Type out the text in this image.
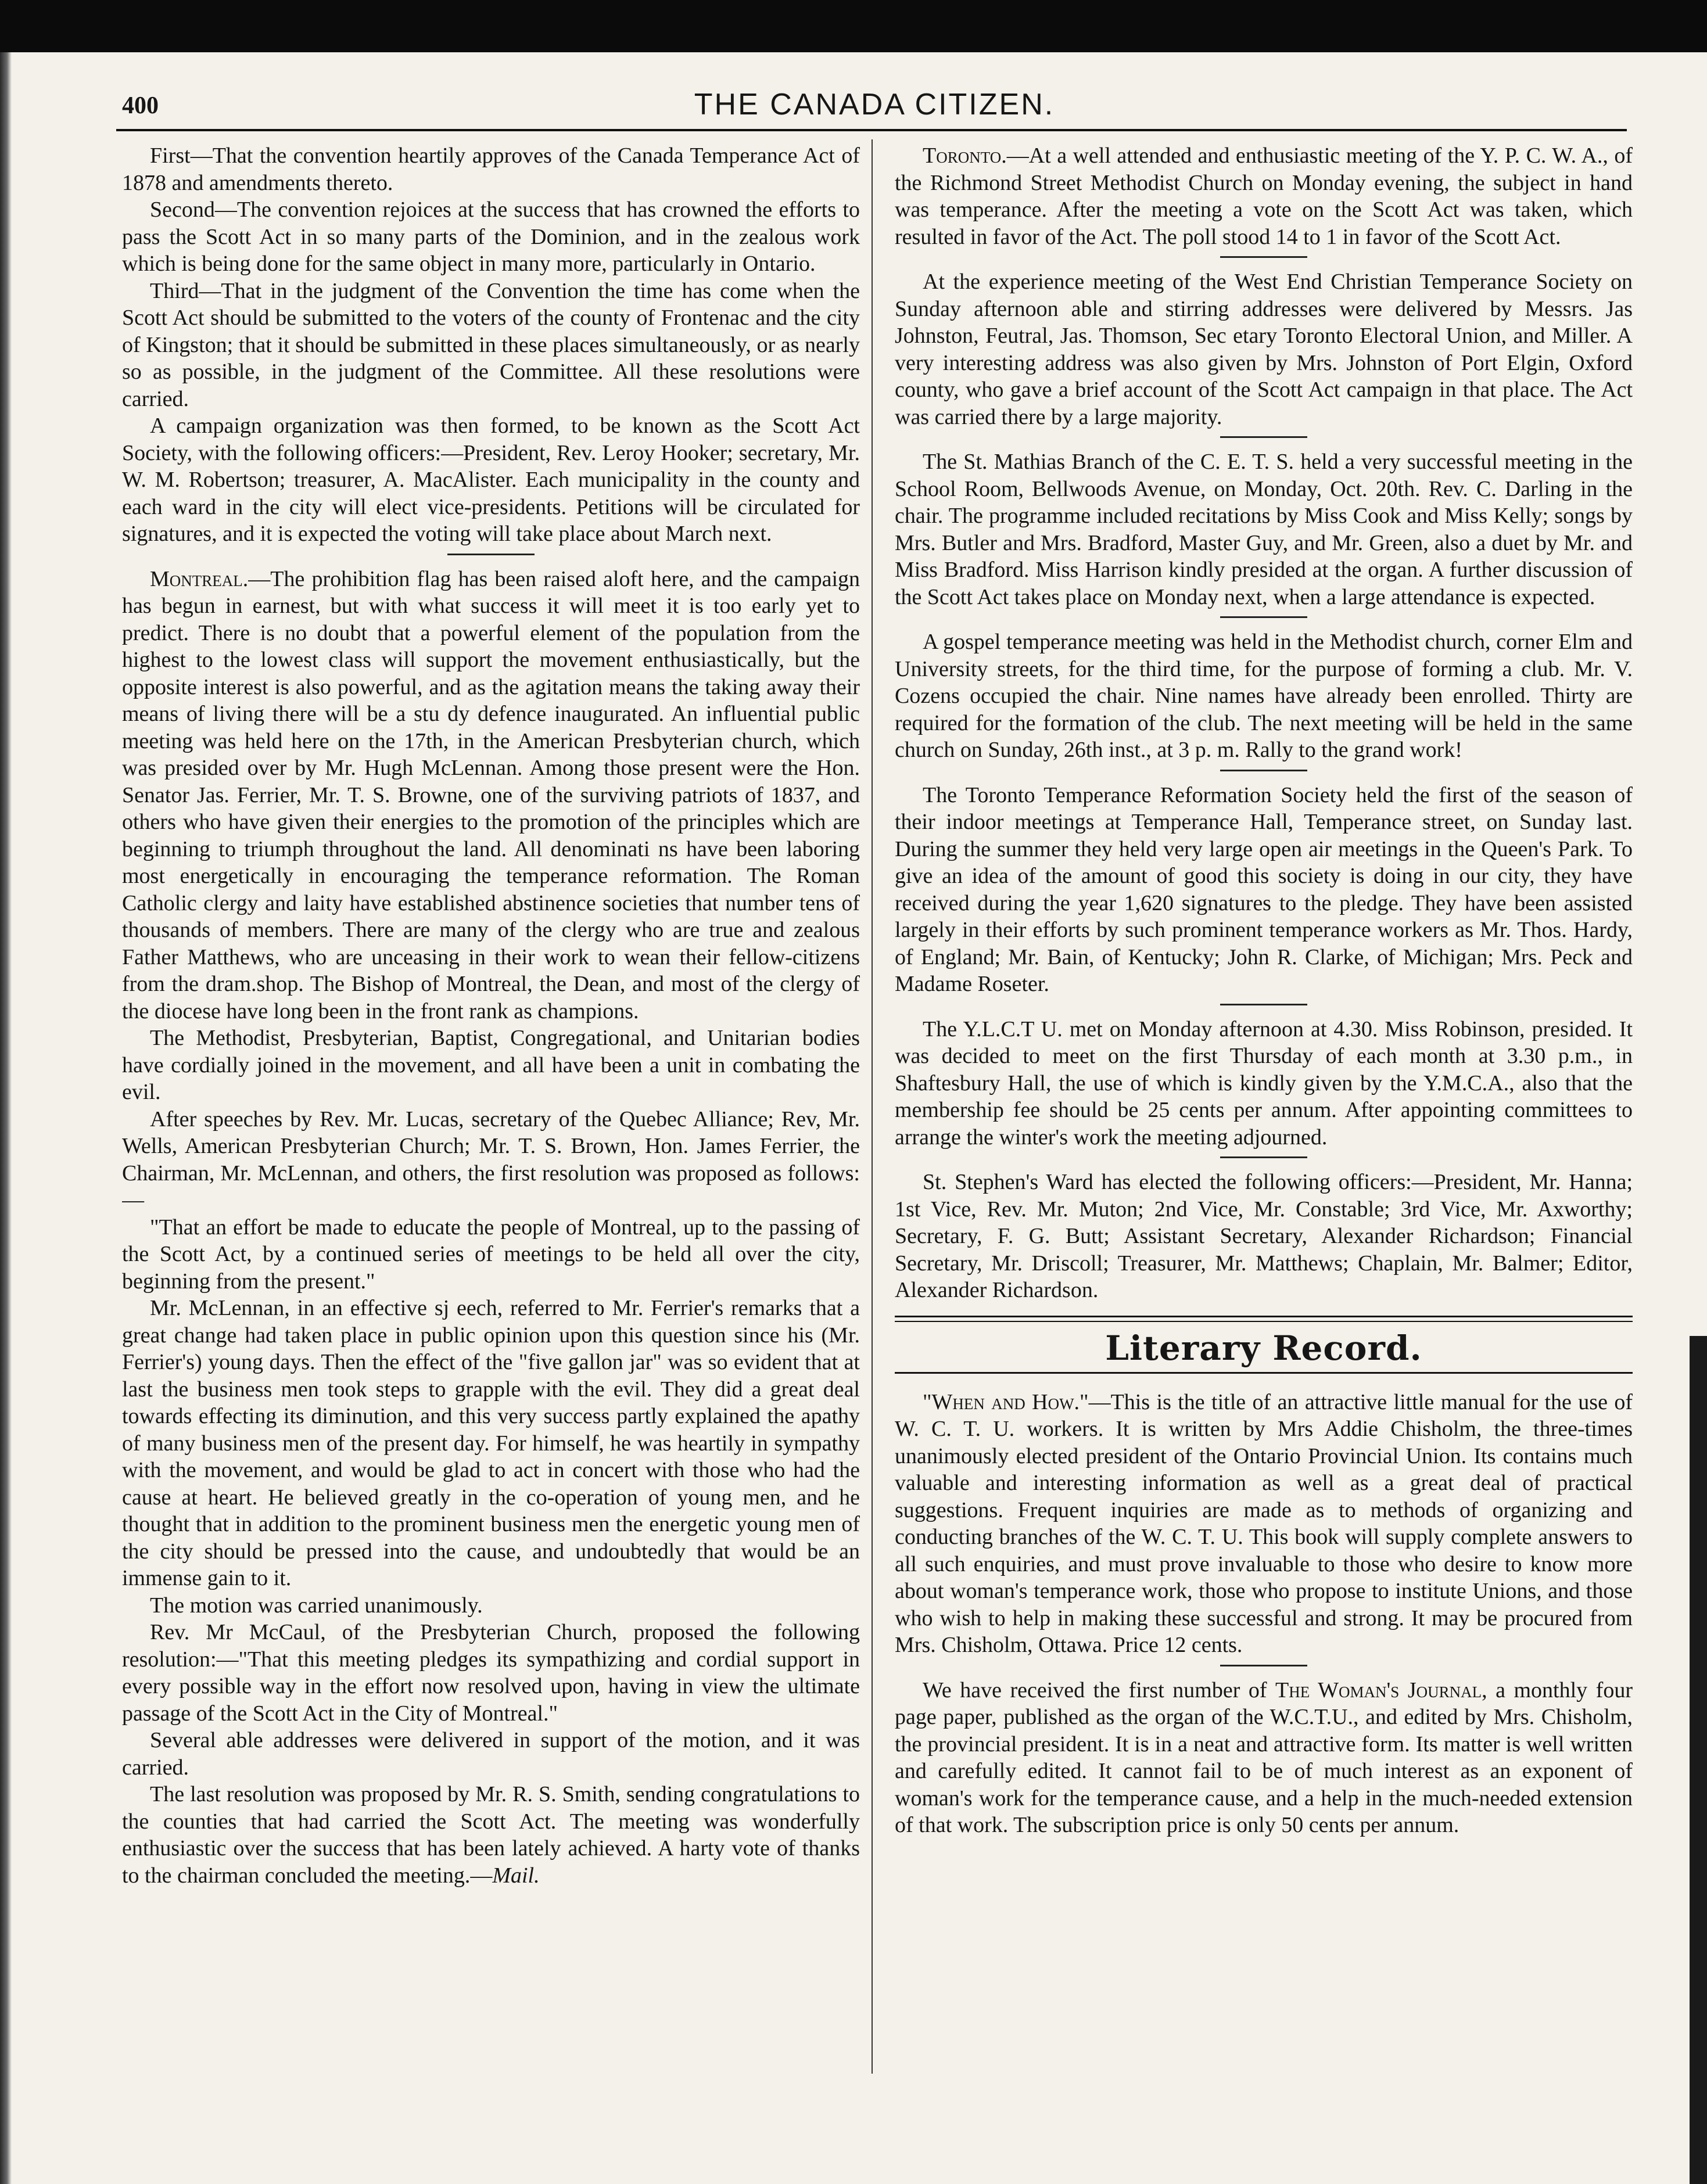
400	THE CANADA CITIZEN.

First—That the convention heartily approves of the Canada Temperance Act of 1878 and amendments thereto.

Second—The convention rejoices at the success that has crowned the efforts to pass the Scott Act in so many parts of the Dominion, and in the zealous work which is being done for the same object in many more, particularly in Ontario.

Third—That in the judgment of the Convention the time has come when the Scott Act should be submitted to the voters of the county of Frontenac and the city of Kingston; that it should be submitted in these places simultaneously, or as nearly so as possible, in the judgment of the Committee. All these resolutions were carried.

A campaign organization was then formed, to be known as the Scott Act Society, with the following officers:—President, Rev. Leroy Hooker; secretary, Mr. W. M. Robertson; treasurer, A. MacAlister. Each municipality in the county and each ward in the city will elect vice-presidents. Petitions will be circulated for signatures, and it is expected the voting will take place about March next.

Montreal.—The prohibition flag has been raised aloft here, and the campaign has begun in earnest, but with what success it will meet it is too early yet to predict. There is no doubt that a powerful element of the population from the highest to the lowest class will support the movement enthusiastically, but the opposite interest is also powerful, and as the agitation means the taking away their means of living there will be a stu dy defence inaugurated. An influential public meeting was held here on the 17th, in the American Presbyterian church, which was presided over by Mr. Hugh McLennan. Among those present were the Hon. Senator Jas. Ferrier, Mr. T. S. Browne, one of the surviving patriots of 1837, and others who have given their energies to the promotion of the principles which are beginning to triumph throughout the land. All denominati ns have been laboring most energetically in encouraging the temperance reformation. The Roman Catholic clergy and laity have established abstinence societies that number tens of thousands of members. There are many of the clergy who are true and zealous Father Matthews, who are unceasing in their work to wean their fellow-citizens from the dram.shop. The Bishop of Montreal, the Dean, and most of the clergy of the diocese have long been in the front rank as champions.

The Methodist, Presbyterian, Baptist, Congregational, and Unitarian bodies have cordially joined in the movement, and all have been a unit in combating the evil.

After speeches by Rev. Mr. Lucas, secretary of the Quebec Alliance; Rev, Mr. Wells, American Presbyterian Church; Mr. T. S. Brown, Hon. James Ferrier, the Chairman, Mr. McLennan, and others, the first resolution was proposed as follows:—

"That an effort be made to educate the people of Montreal, up to the passing of the Scott Act, by a continued series of meetings to be held all over the city, beginning from the present."

Mr. McLennan, in an effective sj eech, referred to Mr. Ferrier's remarks that a great change had taken place in public opinion upon this question since his (Mr. Ferrier's) young days. Then the effect of the "five gallon jar" was so evident that at last the business men took steps to grapple with the evil. They did a great deal towards effecting its diminution, and this very success partly explained the apathy of many business men of the present day. For himself, he was heartily in sympathy with the movement, and would be glad to act in concert with those who had the cause at heart. He believed greatly in the co-operation of young men, and he thought that in addition to the prominent business men the energetic young men of the city should be pressed into the cause, and undoubtedly that would be an immense gain to it.

The motion was carried unanimously.

Rev. Mr McCaul, of the Presbyterian Church, proposed the following resolution:—"That this meeting pledges its sympathizing and cordial support in every possible way in the effort now resolved upon, having in view the ultimate passage of the Scott Act in the City of Montreal."

Several able addresses were delivered in support of the motion, and it was carried.

The last resolution was proposed by Mr. R. S. Smith, sending congratulations to the counties that had carried the Scott Act. The meeting was wonderfully enthusiastic over the success that has been lately achieved. A harty vote of thanks to the chairman concluded the meeting.—Mail.

Toronto.—At a well attended and enthusiastic meeting of the Y. P. C. W. A., of the Richmond Street Methodist Church on Monday evening, the subject in hand was temperance. After the meeting a vote on the Scott Act was taken, which resulted in favor of the Act. The poll stood 14 to 1 in favor of the Scott Act.

At the experience meeting of the West End Christian Temperance Society on Sunday afternoon able and stirring addresses were delivered by Messrs. Jas Johnston, Feutral, Jas. Thomson, Sec etary Toronto Electoral Union, and Miller. A very interesting address was also given by Mrs. Johnston of Port Elgin, Oxford county, who gave a brief account of the Scott Act campaign in that place. The Act was carried there by a large majority.

The St. Mathias Branch of the C. E. T. S. held a very successful meeting in the School Room, Bellwoods Avenue, on Monday, Oct. 20th. Rev. C. Darling in the chair. The programme included recitations by Miss Cook and Miss Kelly; songs by Mrs. Butler and Mrs. Bradford, Master Guy, and Mr. Green, also a duet by Mr. and Miss Bradford. Miss Harrison kindly presided at the organ. A further discussion of the Scott Act takes place on Monday next, when a large attendance is expected.

A gospel temperance meeting was held in the Methodist church, corner Elm and University streets, for the third time, for the purpose of forming a club. Mr. V. Cozens occupied the chair. Nine names have already been enrolled. Thirty are required for the formation of the club. The next meeting will be held in the same church on Sunday, 26th inst., at 3 p. m. Rally to the grand work!

The Toronto Temperance Reformation Society held the first of the season of their indoor meetings at Temperance Hall, Temperance street, on Sunday last. During the summer they held very large open air meetings in the Queen's Park. To give an idea of the amount of good this society is doing in our city, they have received during the year 1,620 signatures to the pledge. They have been assisted largely in their efforts by such prominent temperance workers as Mr. Thos. Hardy, of England; Mr. Bain, of Kentucky; John R. Clarke, of Michigan; Mrs. Peck and Madame Roseter.

The Y.L.C.T U. met on Monday afternoon at 4.30. Miss Robinson, presided. It was decided to meet on the first Thursday of each month at 3.30 p.m., in Shaftesbury Hall, the use of which is kindly given by the Y.M.C.A., also that the membership fee should be 25 cents per annum. After appointing committees to arrange the winter's work the meeting adjourned.

St. Stephen's Ward has elected the following officers:—President, Mr. Hanna; 1st Vice, Rev. Mr. Muton; 2nd Vice, Mr. Constable; 3rd Vice, Mr. Axworthy; Secretary, F. G. Butt; Assistant Secretary, Alexander Richardson; Financial Secretary, Mr. Driscoll; Treasurer, Mr. Matthews; Chaplain, Mr. Balmer; Editor, Alexander Richardson.

Literary Record.

"When and How."—This is the title of an attractive little manual for the use of W. C. T. U. workers. It is written by Mrs Addie Chisholm, the three-times unanimously elected president of the Ontario Provincial Union. Its contains much valuable and interesting information as well as a great deal of practical suggestions. Frequent inquiries are made as to methods of organizing and conducting branches of the W. C. T. U. This book will supply complete answers to all such enquiries, and must prove invaluable to those who desire to know more about woman's temperance work, those who propose to institute Unions, and those who wish to help in making these successful and strong. It may be procured from Mrs. Chisholm, Ottawa. Price 12 cents.

We have received the first number of The Woman's Journal, a monthly four page paper, published as the organ of the W.C.T.U., and edited by Mrs. Chisholm, the provincial president. It is in a neat and attractive form. Its matter is well written and carefully edited. It cannot fail to be of much interest as an exponent of woman's work for the temperance cause, and a help in the much-needed extension of that work. The subscription price is only 50 cents per annum.
